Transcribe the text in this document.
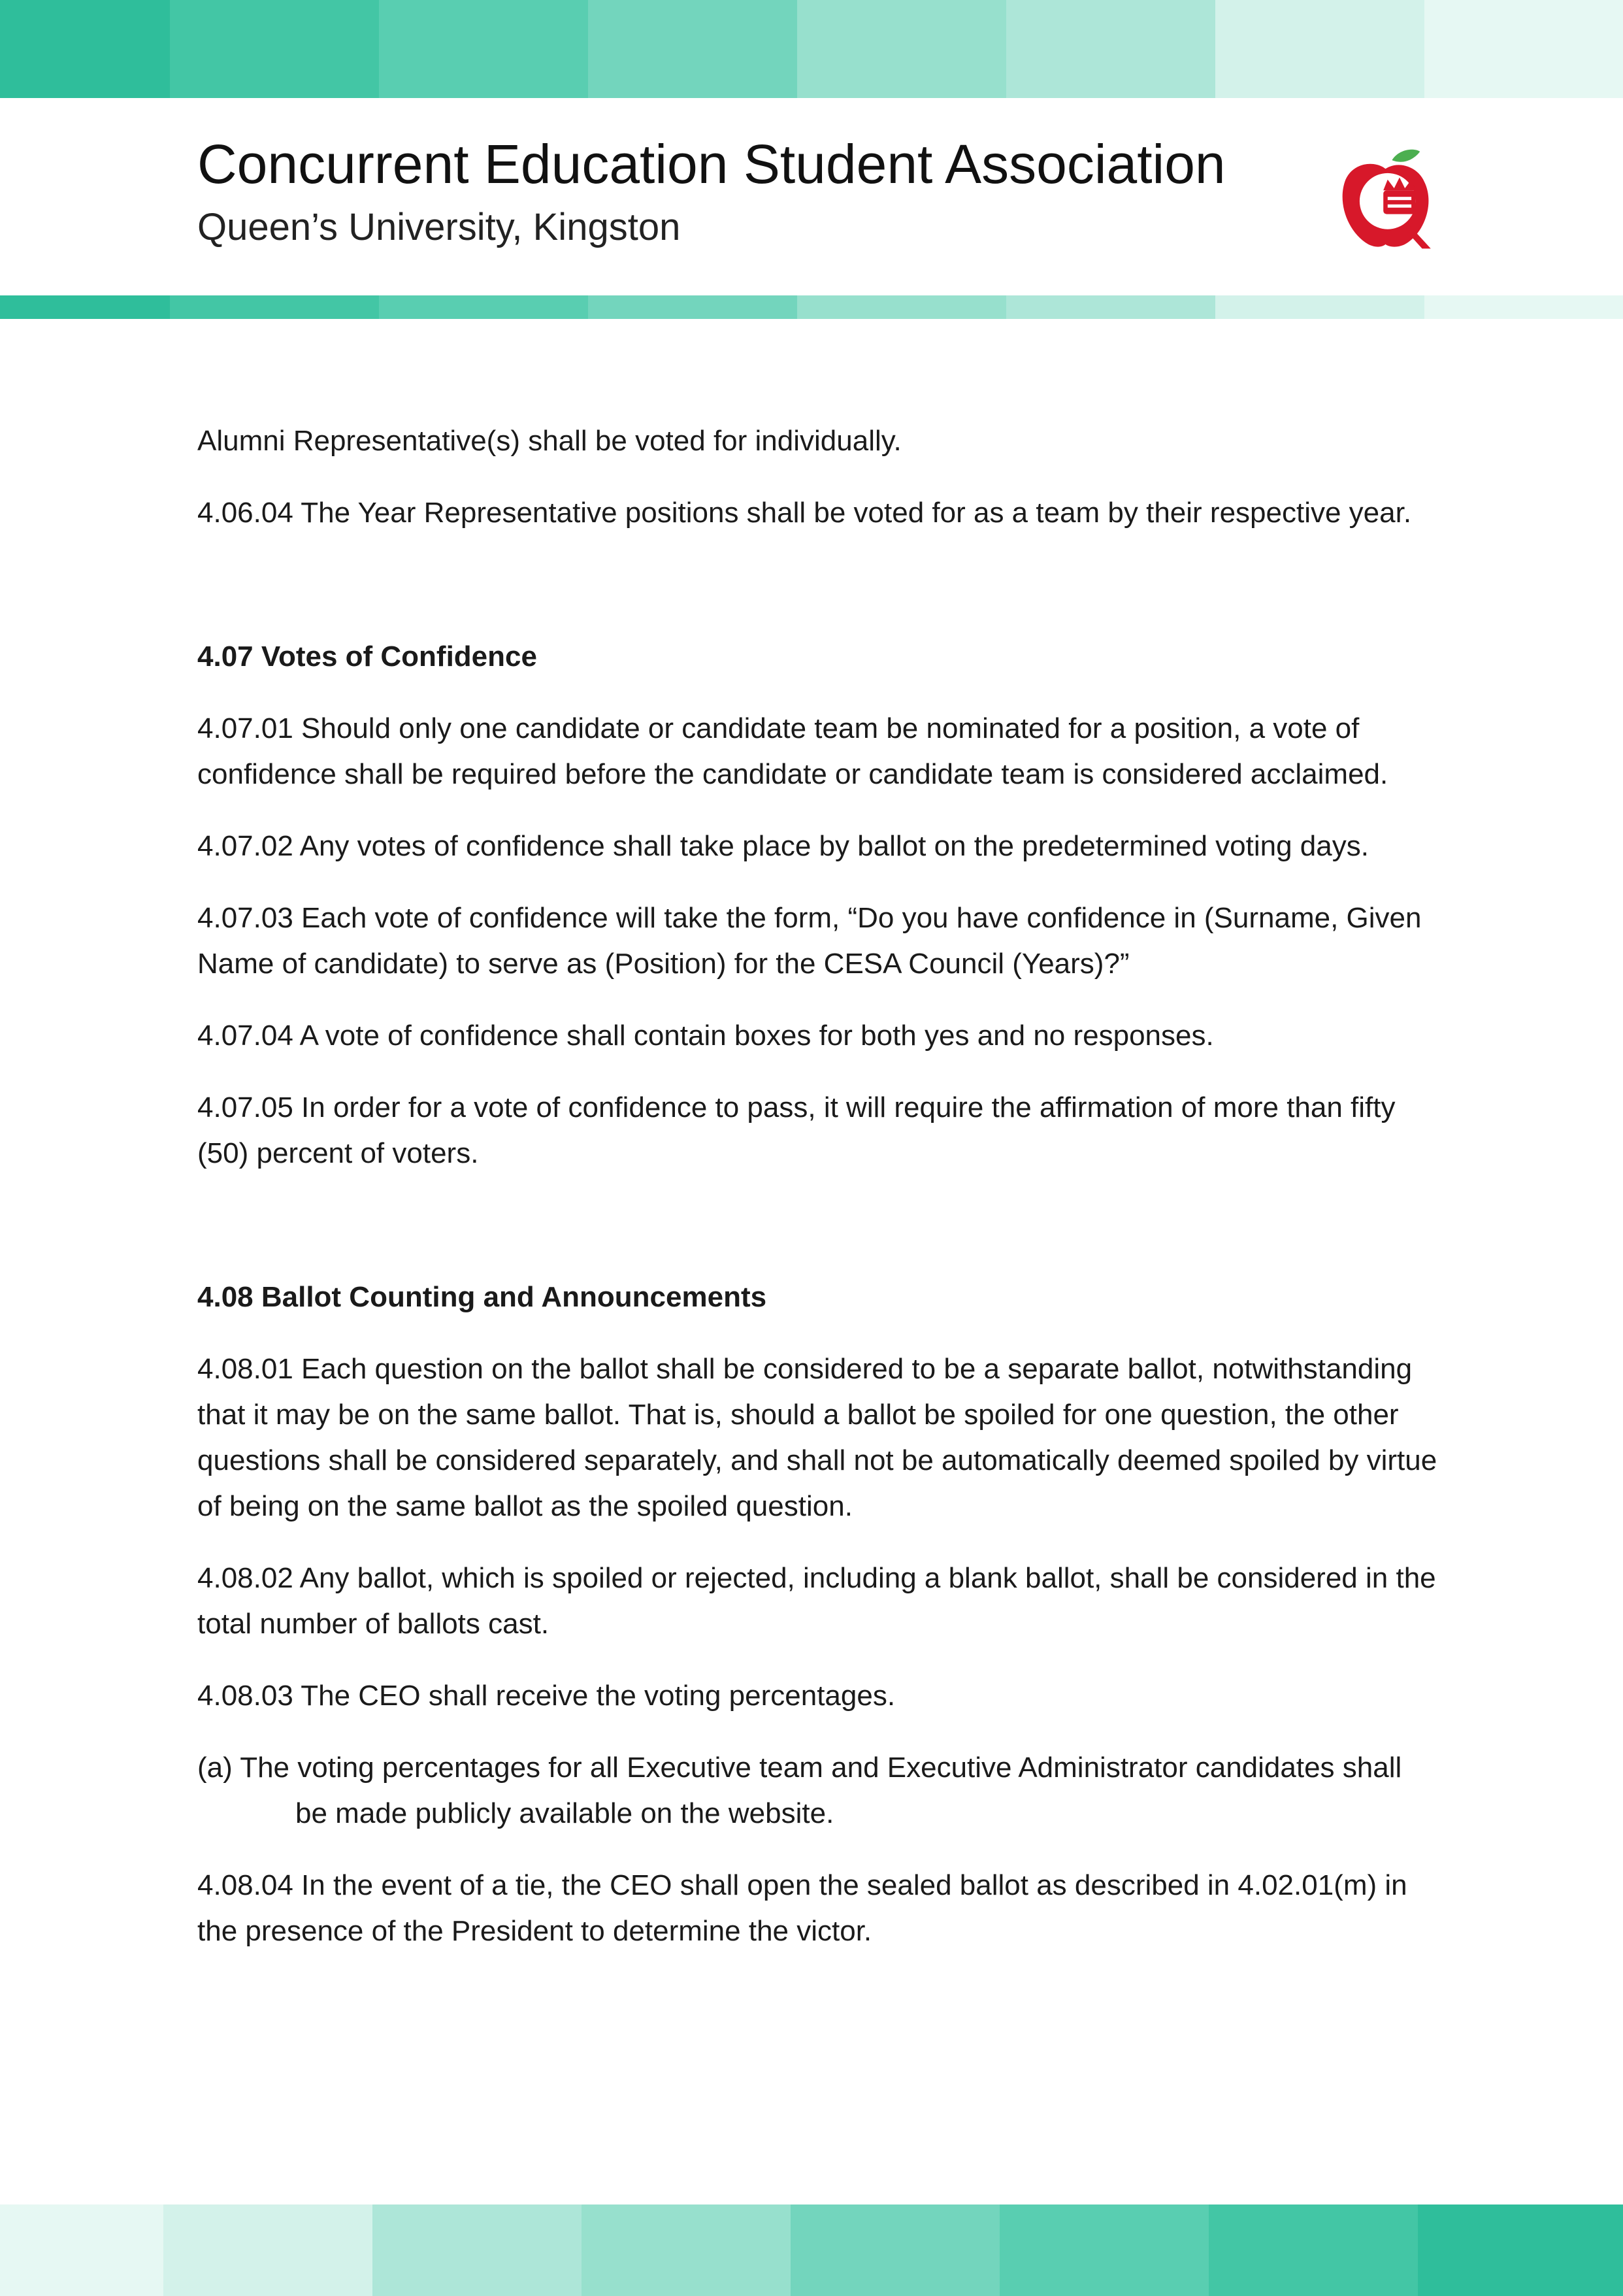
Concurrent Education Student Association
Queen’s University, Kingston

Alumni Representative(s) shall be voted for individually.

4.06.04 The Year Representative positions shall be voted for as a team by their respective year.

4.07 Votes of Confidence

4.07.01 Should only one candidate or candidate team be nominated for a position, a vote of confidence shall be required before the candidate or candidate team is considered acclaimed.

4.07.02 Any votes of confidence shall take place by ballot on the predetermined voting days.

4.07.03 Each vote of confidence will take the form, “Do you have confidence in (Surname, Given Name of candidate) to serve as (Position) for the CESA Council (Years)?”

4.07.04 A vote of confidence shall contain boxes for both yes and no responses.

4.07.05 In order for a vote of confidence to pass, it will require the affirmation of more than fifty (50) percent of voters.

4.08 Ballot Counting and Announcements

4.08.01 Each question on the ballot shall be considered to be a separate ballot, notwithstanding that it may be on the same ballot. That is, should a ballot be spoiled for one question, the other questions shall be considered separately, and shall not be automatically deemed spoiled by virtue of being on the same ballot as the spoiled question.

4.08.02 Any ballot, which is spoiled or rejected, including a blank ballot, shall be considered in the total number of ballots cast.

4.08.03 The CEO shall receive the voting percentages.

(a) The voting percentages for all Executive team and Executive Administrator candidates shall be made publicly available on the website.

4.08.04 In the event of a tie, the CEO shall open the sealed ballot as described in 4.02.01(m) in the presence of the President to determine the victor.
